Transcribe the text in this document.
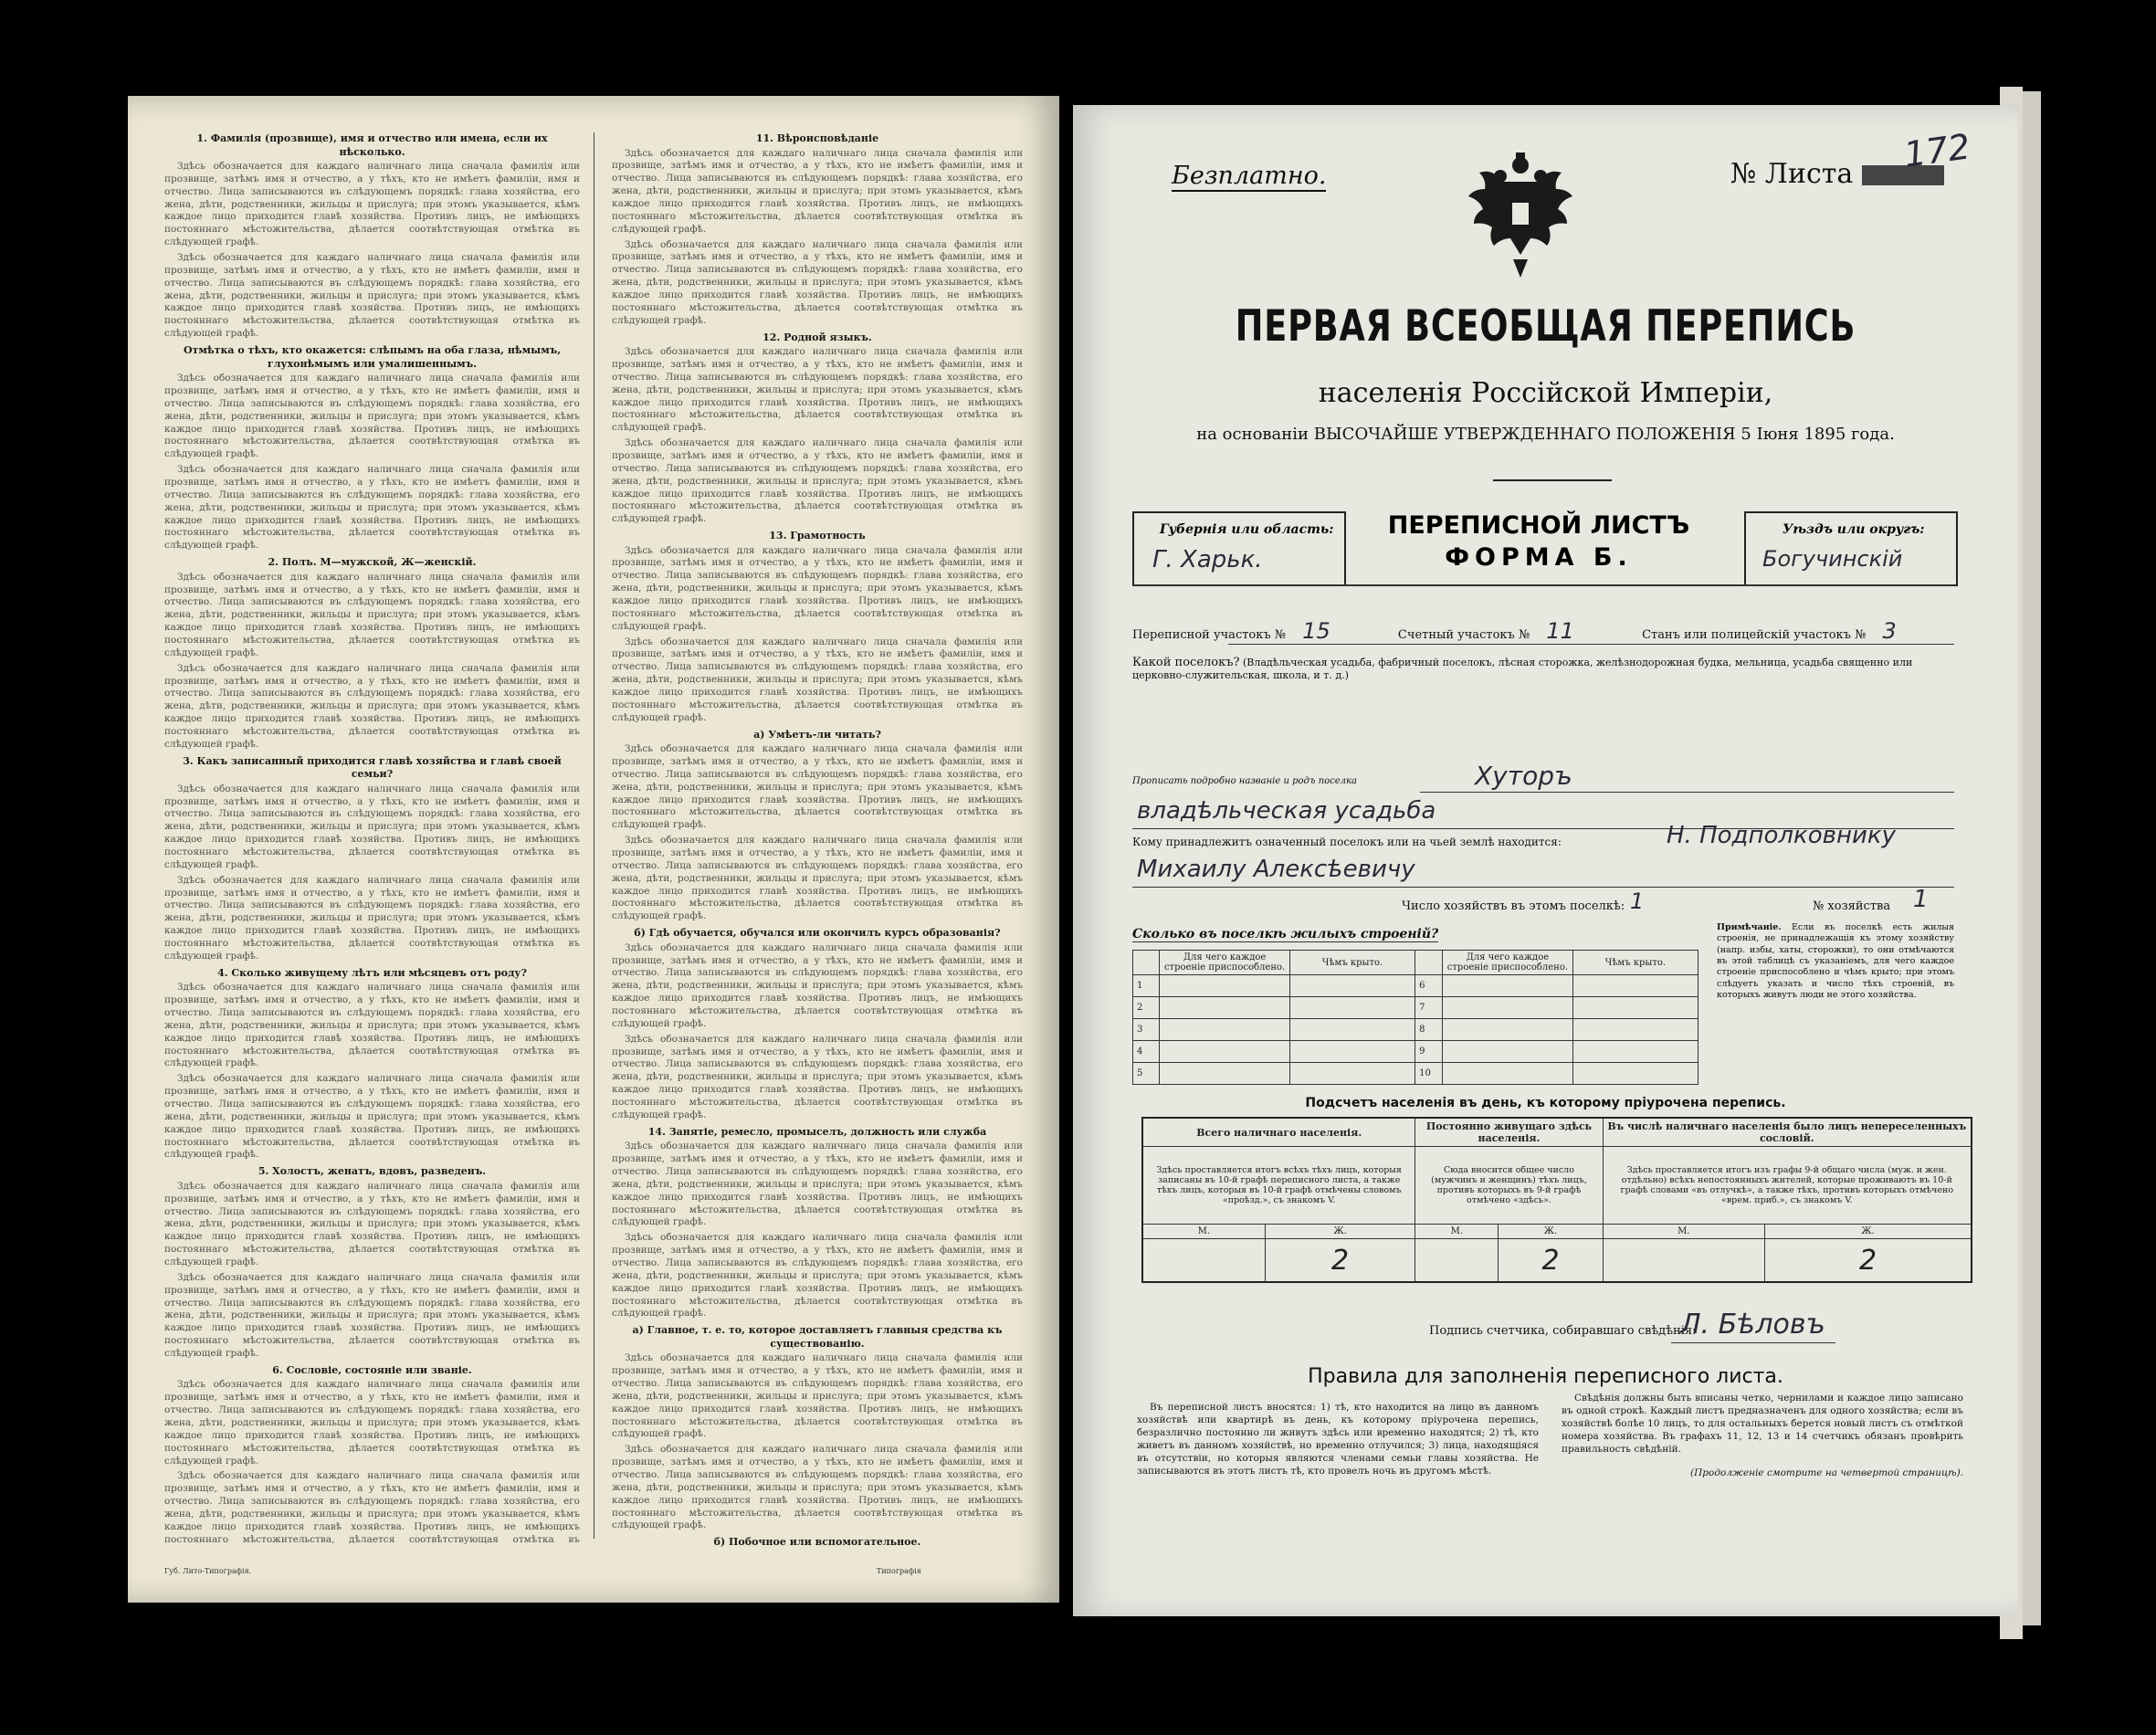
1. Фамилія (прозвище), имя и отчество или имена, если их нѣсколько.

Здѣсь обозначается для каждаго наличнаго лица сначала фамилія или прозвище, затѣмъ имя и отчество, а у тѣхъ, кто не имѣетъ фамиліи, имя и отчество. Лица записываются въ слѣдующемъ порядкѣ: глава хозяйства, его жена, дѣти, родственники, жильцы и прислуга; при этомъ указывается, кѣмъ каждое лицо приходится главѣ хозяйства. Противъ лицъ, не имѣющихъ постояннаго мѣстожительства, дѣлается соотвѣтствующая отмѣтка въ слѣдующей графѣ.

Здѣсь обозначается для каждаго наличнаго лица сначала фамилія или прозвище, затѣмъ имя и отчество, а у тѣхъ, кто не имѣетъ фамиліи, имя и отчество. Лица записываются въ слѣдующемъ порядкѣ: глава хозяйства, его жена, дѣти, родственники, жильцы и прислуга; при этомъ указывается, кѣмъ каждое лицо приходится главѣ хозяйства. Противъ лицъ, не имѣющихъ постояннаго мѣстожительства, дѣлается соотвѣтствующая отмѣтка въ слѣдующей графѣ.

Отмѣтка о тѣхъ, кто окажется: слѣпымъ на оба глаза, нѣмымъ, глухонѣмымъ или умалишеннымъ.

Здѣсь обозначается для каждаго наличнаго лица сначала фамилія или прозвище, затѣмъ имя и отчество, а у тѣхъ, кто не имѣетъ фамиліи, имя и отчество. Лица записываются въ слѣдующемъ порядкѣ: глава хозяйства, его жена, дѣти, родственники, жильцы и прислуга; при этомъ указывается, кѣмъ каждое лицо приходится главѣ хозяйства. Противъ лицъ, не имѣющихъ постояннаго мѣстожительства, дѣлается соотвѣтствующая отмѣтка въ слѣдующей графѣ.

Здѣсь обозначается для каждаго наличнаго лица сначала фамилія или прозвище, затѣмъ имя и отчество, а у тѣхъ, кто не имѣетъ фамиліи, имя и отчество. Лица записываются въ слѣдующемъ порядкѣ: глава хозяйства, его жена, дѣти, родственники, жильцы и прислуга; при этомъ указывается, кѣмъ каждое лицо приходится главѣ хозяйства. Противъ лицъ, не имѣющихъ постояннаго мѣстожительства, дѣлается соотвѣтствующая отмѣтка въ слѣдующей графѣ.

2. Полъ. М—мужской, Ж—женскій.

Здѣсь обозначается для каждаго наличнаго лица сначала фамилія или прозвище, затѣмъ имя и отчество, а у тѣхъ, кто не имѣетъ фамиліи, имя и отчество. Лица записываются въ слѣдующемъ порядкѣ: глава хозяйства, его жена, дѣти, родственники, жильцы и прислуга; при этомъ указывается, кѣмъ каждое лицо приходится главѣ хозяйства. Противъ лицъ, не имѣющихъ постояннаго мѣстожительства, дѣлается соотвѣтствующая отмѣтка въ слѣдующей графѣ.

Здѣсь обозначается для каждаго наличнаго лица сначала фамилія или прозвище, затѣмъ имя и отчество, а у тѣхъ, кто не имѣетъ фамиліи, имя и отчество. Лица записываются въ слѣдующемъ порядкѣ: глава хозяйства, его жена, дѣти, родственники, жильцы и прислуга; при этомъ указывается, кѣмъ каждое лицо приходится главѣ хозяйства. Противъ лицъ, не имѣющихъ постояннаго мѣстожительства, дѣлается соотвѣтствующая отмѣтка въ слѣдующей графѣ.

3. Какъ записанный приходится главѣ хозяйства и главѣ своей семьи?

Здѣсь обозначается для каждаго наличнаго лица сначала фамилія или прозвище, затѣмъ имя и отчество, а у тѣхъ, кто не имѣетъ фамиліи, имя и отчество. Лица записываются въ слѣдующемъ порядкѣ: глава хозяйства, его жена, дѣти, родственники, жильцы и прислуга; при этомъ указывается, кѣмъ каждое лицо приходится главѣ хозяйства. Противъ лицъ, не имѣющихъ постояннаго мѣстожительства, дѣлается соотвѣтствующая отмѣтка въ слѣдующей графѣ.

Здѣсь обозначается для каждаго наличнаго лица сначала фамилія или прозвище, затѣмъ имя и отчество, а у тѣхъ, кто не имѣетъ фамиліи, имя и отчество. Лица записываются въ слѣдующемъ порядкѣ: глава хозяйства, его жена, дѣти, родственники, жильцы и прислуга; при этомъ указывается, кѣмъ каждое лицо приходится главѣ хозяйства. Противъ лицъ, не имѣющихъ постояннаго мѣстожительства, дѣлается соотвѣтствующая отмѣтка въ слѣдующей графѣ.

4. Сколько живущему лѣтъ или мѣсяцевъ отъ роду?

Здѣсь обозначается для каждаго наличнаго лица сначала фамилія или прозвище, затѣмъ имя и отчество, а у тѣхъ, кто не имѣетъ фамиліи, имя и отчество. Лица записываются въ слѣдующемъ порядкѣ: глава хозяйства, его жена, дѣти, родственники, жильцы и прислуга; при этомъ указывается, кѣмъ каждое лицо приходится главѣ хозяйства. Противъ лицъ, не имѣющихъ постояннаго мѣстожительства, дѣлается соотвѣтствующая отмѣтка въ слѣдующей графѣ.

Здѣсь обозначается для каждаго наличнаго лица сначала фамилія или прозвище, затѣмъ имя и отчество, а у тѣхъ, кто не имѣетъ фамиліи, имя и отчество. Лица записываются въ слѣдующемъ порядкѣ: глава хозяйства, его жена, дѣти, родственники, жильцы и прислуга; при этомъ указывается, кѣмъ каждое лицо приходится главѣ хозяйства. Противъ лицъ, не имѣющихъ постояннаго мѣстожительства, дѣлается соотвѣтствующая отмѣтка въ слѣдующей графѣ.

5. Холостъ, женатъ, вдовъ, разведенъ.

Здѣсь обозначается для каждаго наличнаго лица сначала фамилія или прозвище, затѣмъ имя и отчество, а у тѣхъ, кто не имѣетъ фамиліи, имя и отчество. Лица записываются въ слѣдующемъ порядкѣ: глава хозяйства, его жена, дѣти, родственники, жильцы и прислуга; при этомъ указывается, кѣмъ каждое лицо приходится главѣ хозяйства. Противъ лицъ, не имѣющихъ постояннаго мѣстожительства, дѣлается соотвѣтствующая отмѣтка въ слѣдующей графѣ.

Здѣсь обозначается для каждаго наличнаго лица сначала фамилія или прозвище, затѣмъ имя и отчество, а у тѣхъ, кто не имѣетъ фамиліи, имя и отчество. Лица записываются въ слѣдующемъ порядкѣ: глава хозяйства, его жена, дѣти, родственники, жильцы и прислуга; при этомъ указывается, кѣмъ каждое лицо приходится главѣ хозяйства. Противъ лицъ, не имѣющихъ постояннаго мѣстожительства, дѣлается соотвѣтствующая отмѣтка въ слѣдующей графѣ.

6. Сословіе, состояніе или званіе.

Здѣсь обозначается для каждаго наличнаго лица сначала фамилія или прозвище, затѣмъ имя и отчество, а у тѣхъ, кто не имѣетъ фамиліи, имя и отчество. Лица записываются въ слѣдующемъ порядкѣ: глава хозяйства, его жена, дѣти, родственники, жильцы и прислуга; при этомъ указывается, кѣмъ каждое лицо приходится главѣ хозяйства. Противъ лицъ, не имѣющихъ постояннаго мѣстожительства, дѣлается соотвѣтствующая отмѣтка въ слѣдующей графѣ.

Здѣсь обозначается для каждаго наличнаго лица сначала фамилія или прозвище, затѣмъ имя и отчество, а у тѣхъ, кто не имѣетъ фамиліи, имя и отчество. Лица записываются въ слѣдующемъ порядкѣ: глава хозяйства, его жена, дѣти, родственники, жильцы и прислуга; при этомъ указывается, кѣмъ каждое лицо приходится главѣ хозяйства. Противъ лицъ, не имѣющихъ постояннаго мѣстожительства, дѣлается соотвѣтствующая отмѣтка въ

11. Вѣроисповѣданіе

Здѣсь обозначается для каждаго наличнаго лица сначала фамилія или прозвище, затѣмъ имя и отчество, а у тѣхъ, кто не имѣетъ фамиліи, имя и отчество. Лица записываются въ слѣдующемъ порядкѣ: глава хозяйства, его жена, дѣти, родственники, жильцы и прислуга; при этомъ указывается, кѣмъ каждое лицо приходится главѣ хозяйства. Противъ лицъ, не имѣющихъ постояннаго мѣстожительства, дѣлается соотвѣтствующая отмѣтка въ слѣдующей графѣ.

Здѣсь обозначается для каждаго наличнаго лица сначала фамилія или прозвище, затѣмъ имя и отчество, а у тѣхъ, кто не имѣетъ фамиліи, имя и отчество. Лица записываются въ слѣдующемъ порядкѣ: глава хозяйства, его жена, дѣти, родственники, жильцы и прислуга; при этомъ указывается, кѣмъ каждое лицо приходится главѣ хозяйства. Противъ лицъ, не имѣющихъ постояннаго мѣстожительства, дѣлается соотвѣтствующая отмѣтка въ слѣдующей графѣ.

12. Родной языкъ.

Здѣсь обозначается для каждаго наличнаго лица сначала фамилія или прозвище, затѣмъ имя и отчество, а у тѣхъ, кто не имѣетъ фамиліи, имя и отчество. Лица записываются въ слѣдующемъ порядкѣ: глава хозяйства, его жена, дѣти, родственники, жильцы и прислуга; при этомъ указывается, кѣмъ каждое лицо приходится главѣ хозяйства. Противъ лицъ, не имѣющихъ постояннаго мѣстожительства, дѣлается соотвѣтствующая отмѣтка въ слѣдующей графѣ.

Здѣсь обозначается для каждаго наличнаго лица сначала фамилія или прозвище, затѣмъ имя и отчество, а у тѣхъ, кто не имѣетъ фамиліи, имя и отчество. Лица записываются въ слѣдующемъ порядкѣ: глава хозяйства, его жена, дѣти, родственники, жильцы и прислуга; при этомъ указывается, кѣмъ каждое лицо приходится главѣ хозяйства. Противъ лицъ, не имѣющихъ постояннаго мѣстожительства, дѣлается соотвѣтствующая отмѣтка въ слѣдующей графѣ.

13. Грамотность

Здѣсь обозначается для каждаго наличнаго лица сначала фамилія или прозвище, затѣмъ имя и отчество, а у тѣхъ, кто не имѣетъ фамиліи, имя и отчество. Лица записываются въ слѣдующемъ порядкѣ: глава хозяйства, его жена, дѣти, родственники, жильцы и прислуга; при этомъ указывается, кѣмъ каждое лицо приходится главѣ хозяйства. Противъ лицъ, не имѣющихъ постояннаго мѣстожительства, дѣлается соотвѣтствующая отмѣтка въ слѣдующей графѣ.

Здѣсь обозначается для каждаго наличнаго лица сначала фамилія или прозвище, затѣмъ имя и отчество, а у тѣхъ, кто не имѣетъ фамиліи, имя и отчество. Лица записываются въ слѣдующемъ порядкѣ: глава хозяйства, его жена, дѣти, родственники, жильцы и прислуга; при этомъ указывается, кѣмъ каждое лицо приходится главѣ хозяйства. Противъ лицъ, не имѣющихъ постояннаго мѣстожительства, дѣлается соотвѣтствующая отмѣтка въ слѣдующей графѣ.

а) Умѣетъ-ли читать?

Здѣсь обозначается для каждаго наличнаго лица сначала фамилія или прозвище, затѣмъ имя и отчество, а у тѣхъ, кто не имѣетъ фамиліи, имя и отчество. Лица записываются въ слѣдующемъ порядкѣ: глава хозяйства, его жена, дѣти, родственники, жильцы и прислуга; при этомъ указывается, кѣмъ каждое лицо приходится главѣ хозяйства. Противъ лицъ, не имѣющихъ постояннаго мѣстожительства, дѣлается соотвѣтствующая отмѣтка въ слѣдующей графѣ.

Здѣсь обозначается для каждаго наличнаго лица сначала фамилія или прозвище, затѣмъ имя и отчество, а у тѣхъ, кто не имѣетъ фамиліи, имя и отчество. Лица записываются въ слѣдующемъ порядкѣ: глава хозяйства, его жена, дѣти, родственники, жильцы и прислуга; при этомъ указывается, кѣмъ каждое лицо приходится главѣ хозяйства. Противъ лицъ, не имѣющихъ постояннаго мѣстожительства, дѣлается соотвѣтствующая отмѣтка въ слѣдующей графѣ.

б) Гдѣ обучается, обучался или окончилъ курсъ образованія?

Здѣсь обозначается для каждаго наличнаго лица сначала фамилія или прозвище, затѣмъ имя и отчество, а у тѣхъ, кто не имѣетъ фамиліи, имя и отчество. Лица записываются въ слѣдующемъ порядкѣ: глава хозяйства, его жена, дѣти, родственники, жильцы и прислуга; при этомъ указывается, кѣмъ каждое лицо приходится главѣ хозяйства. Противъ лицъ, не имѣющихъ постояннаго мѣстожительства, дѣлается соотвѣтствующая отмѣтка въ слѣдующей графѣ.

Здѣсь обозначается для каждаго наличнаго лица сначала фамилія или прозвище, затѣмъ имя и отчество, а у тѣхъ, кто не имѣетъ фамиліи, имя и отчество. Лица записываются въ слѣдующемъ порядкѣ: глава хозяйства, его жена, дѣти, родственники, жильцы и прислуга; при этомъ указывается, кѣмъ каждое лицо приходится главѣ хозяйства. Противъ лицъ, не имѣющихъ постояннаго мѣстожительства, дѣлается соотвѣтствующая отмѣтка въ слѣдующей графѣ.

14. Занятіе, ремесло, промыселъ, должность или служба

Здѣсь обозначается для каждаго наличнаго лица сначала фамилія или прозвище, затѣмъ имя и отчество, а у тѣхъ, кто не имѣетъ фамиліи, имя и отчество. Лица записываются въ слѣдующемъ порядкѣ: глава хозяйства, его жена, дѣти, родственники, жильцы и прислуга; при этомъ указывается, кѣмъ каждое лицо приходится главѣ хозяйства. Противъ лицъ, не имѣющихъ постояннаго мѣстожительства, дѣлается соотвѣтствующая отмѣтка въ слѣдующей графѣ.

Здѣсь обозначается для каждаго наличнаго лица сначала фамилія или прозвище, затѣмъ имя и отчество, а у тѣхъ, кто не имѣетъ фамиліи, имя и отчество. Лица записываются въ слѣдующемъ порядкѣ: глава хозяйства, его жена, дѣти, родственники, жильцы и прислуга; при этомъ указывается, кѣмъ каждое лицо приходится главѣ хозяйства. Противъ лицъ, не имѣющихъ постояннаго мѣстожительства, дѣлается соотвѣтствующая отмѣтка въ слѣдующей графѣ.

а) Главное, т. е. то, которое доставляетъ главныя средства къ существованію.

Здѣсь обозначается для каждаго наличнаго лица сначала фамилія или прозвище, затѣмъ имя и отчество, а у тѣхъ, кто не имѣетъ фамиліи, имя и отчество. Лица записываются въ слѣдующемъ порядкѣ: глава хозяйства, его жена, дѣти, родственники, жильцы и прислуга; при этомъ указывается, кѣмъ каждое лицо приходится главѣ хозяйства. Противъ лицъ, не имѣющихъ постояннаго мѣстожительства, дѣлается соотвѣтствующая отмѣтка въ слѣдующей графѣ.

Здѣсь обозначается для каждаго наличнаго лица сначала фамилія или прозвище, затѣмъ имя и отчество, а у тѣхъ, кто не имѣетъ фамиліи, имя и отчество. Лица записываются въ слѣдующемъ порядкѣ: глава хозяйства, его жена, дѣти, родственники, жильцы и прислуга; при этомъ указывается, кѣмъ каждое лицо приходится главѣ хозяйства. Противъ лицъ, не имѣющихъ постояннаго мѣстожительства, дѣлается соотвѣтствующая отмѣтка въ слѣдующей графѣ.

б) Побочное или вспомогательное.

Губ. Лито-Типографія.	Типографія
Безплатно.	№ Листа	172
ПЕРВАЯ ВСЕОБЩАЯ ПЕРЕПИСЬ
населенія Россійской Имперіи,
на основаніи ВЫСОЧАЙШЕ УТВЕРЖДЕННАГО ПОЛОЖЕНІЯ 5 Іюня 1895 года.
Губернія или область:
Г. Харьк.
ПЕРЕПИСНОЙ ЛИСТЪ
ФОРМА Б.
Уѣздъ или округъ:
Богучинскій
Переписной участокъ № 15	Счетный участокъ № 11	Станъ или полицейскій участокъ № 3
Какой поселокъ? (Владѣльческая усадьба, фабричный поселокъ, лѣсная сторожка, желѣзнодорожная будка, мельница, усадьба священно или церковно-служительская, школа, и т. д.)
Прописать подробно названіе и родъ поселка	Хуторъ
владѣльческая усадьба
Кому принадлежитъ означенный поселокъ или на чьей землѣ находится:	Н. Подполковнику
Михаилу Алексѣевичу
Число хозяйствъ въ этомъ поселкѣ: 1	№ хозяйства 1
Сколько въ поселкѣ жилыхъ строеній?
	Для чего каждое строеніе приспособлено.	Чѣмъ крыто.		Для чего каждое строеніе приспособлено.	Чѣмъ крыто.
1			6		
2			7		
3			8		
4			9		
5			10		
Примѣчаніе. Если въ поселкѣ есть жилыя строенія, не принадлежащія къ этому хозяйству (напр. избы, хаты, сторожки), то они отмѣчаются въ этой таблицѣ съ указаніемъ, для чего каждое строеніе приспособлено и чѣмъ крыто; при этомъ слѣдуетъ указать и число тѣхъ строеній, въ которыхъ живутъ люди не этого хозяйства.
Подсчетъ населенія въ день, къ которому пріурочена перепись.
Всего наличнаго населенія.		Постоянно живущаго здѣсь населенія.		Въ числѣ наличнаго населенія было лицъ непереселенныхъ сословій.	
Здѣсь проставляется итогъ всѣхъ тѣхъ лицъ, которыя записаны въ 10-й графѣ переписного листа, а также тѣхъ лицъ, которыя въ 10-й графѣ отмѣчены словомъ «проѣзд.», съ знакомъ V.		Сюда вносится общее число (мужчинъ и женщинъ) тѣхъ лицъ, противъ которыхъ въ 9-й графѣ отмѣчено «здѣсь».		Здѣсь проставляется итогъ изъ графы 9-й общаго числа (муж. и жен. отдѣльно) всѣхъ непостоянныхъ жителей, которые проживаютъ въ 10-й графѣ словами «въ отлучкѣ», а также тѣхъ, противъ которыхъ отмѣчено «врем. приб.», съ знакомъ V.	
М.	Ж.	М.	Ж.	М.	Ж.
	2		2		2
Подпись счетчика, собиравшаго свѣдѣнія:
Л. Бѣловъ
Правила для заполненія переписного листа.

Въ переписной листъ вносятся: 1) тѣ, кто находится на лицо въ данномъ хозяйствѣ или квартирѣ въ день, къ которому пріурочена перепись, безразлично постоянно ли живутъ здѣсь или временно находятся; 2) тѣ, кто живетъ въ данномъ хозяйствѣ, но временно отлучился; 3) лица, находящіяся въ отсутствіи, но которыя являются членами семьи главы хозяйства. Не записываются въ этотъ листъ тѣ, кто провелъ ночь въ другомъ мѣстѣ.

Свѣдѣнія должны быть вписаны четко, чернилами и каждое лицо записано въ одной строкѣ. Каждый листъ предназначенъ для одного хозяйства; если въ хозяйствѣ болѣе 10 лицъ, то для остальныхъ берется новый листъ съ отмѣткой номера хозяйства. Въ графахъ 11, 12, 13 и 14 счетчикъ обязанъ провѣрить правильность свѣдѣній.

(Продолженіе смотрите на четвертой страницѣ).
